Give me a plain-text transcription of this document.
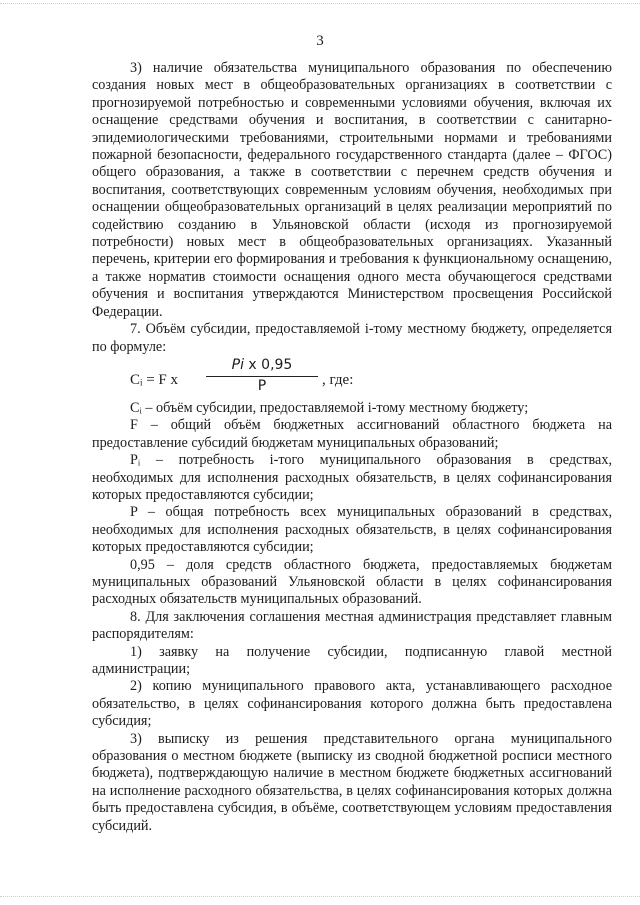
3

3) наличие обязательства муниципального образования по обеспечению создания новых мест в общеобразовательных организациях в соответствии с прогнозируемой потребностью и современными условиями обучения, включая их оснащение средствами обучения и воспитания, в соответствии с санитарно-эпидемиологическими требованиями, строительными нормами и требованиями пожарной безопасности, федерального государственного стандарта (далее – ФГОС) общего образования, а также в соответствии с перечнем средств обучения и воспитания, соответствующих современным условиям обучения, необходимых при оснащении общеобразовательных организаций в целях реализации мероприятий по содействию созданию в Ульяновской области (исходя из прогнозируемой потребности) новых мест в общеобразовательных организациях. Указанный перечень, критерии его формирования и требования к функциональному оснащению, а также норматив стоимости оснащения одного места обучающегося средствами обучения и воспитания утверждаются Министерством просвещения Российской Федерации.

7. Объём субсидии, предоставляемой i-тому местному бюджету, определяется по формуле:

Сᵢ = F x
Pi x 0,95
P	, где:

Сᵢ – объём субсидии, предоставляемой i-тому местному бюджету;

F – общий объём бюджетных ассигнований областного бюджета на предоставление субсидий бюджетам муниципальных образований;

Pᵢ – потребность i-того муниципального образования в средствах, необходимых для исполнения расходных обязательств, в целях софинансирования которых предоставляются субсидии;

P – общая потребность всех муниципальных образований в средствах, необходимых для исполнения расходных обязательств, в целях софинансирования которых предоставляются субсидии;

0,95 – доля средств областного бюджета, предоставляемых бюджетам муниципальных образований Ульяновской области в целях софинансирования расходных обязательств муниципальных образований.

8. Для заключения соглашения местная администрация представляет главным распорядителям:

1) заявку на получение субсидии, подписанную главой местной администрации;

2) копию муниципального правового акта, устанавливающего расходное обязательство, в целях софинансирования которого должна быть предоставлена субсидия;

3) выписку из решения представительного органа муниципального образования о местном бюджете (выписку из сводной бюджетной росписи местного бюджета), подтверждающую наличие в местном бюджете бюджетных ассигнований на исполнение расходного обязательства, в целях софинансирования которых должна быть предоставлена субсидия, в объёме, соответствующем условиям предоставления субсидий.
